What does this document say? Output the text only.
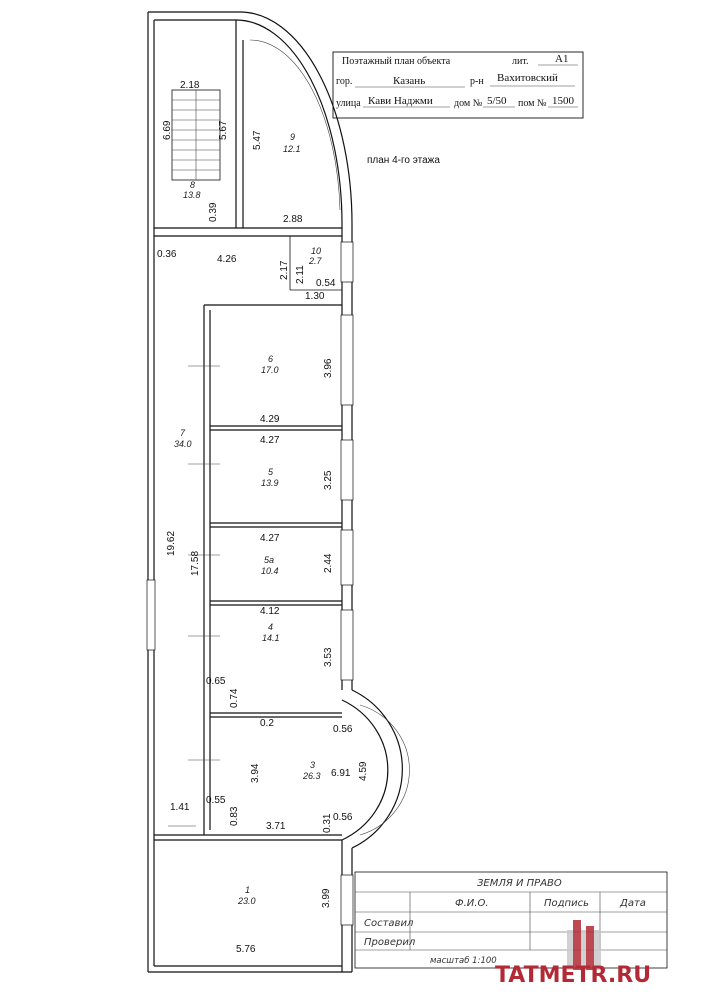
Поэтажный план объекта	лит. А1
гор.	Казань	р-н Вахитовский
улица Кави Наджми дом № 5/50 пом № 1500
план 4-го этажа
8
13.8
9
12.1
10
2.7
6
17.0
7
34.0
5
13.9
5а
10.4
4
14.1
3
26.3
1
23.0
2.18
6.69	5.67
0.39
5.47
2.88
0.36	4.26
2.17 2.11 0.54
1.30
3.96
4.29
4.27
3.25
4.27
19.62
17.58	2.44
4.12
3.53
0.65
0.74
0.2
0.56
3.94	6.91 4.59
1.41
0.55
0.83
3.71	0.31 0.56
3.99
5.76
ЗЕМЛЯ И ПРАВО
Ф.И.О.	Подпись	Дата
Составил
Проверил
масштаб 1:100
TATMETR.RU
